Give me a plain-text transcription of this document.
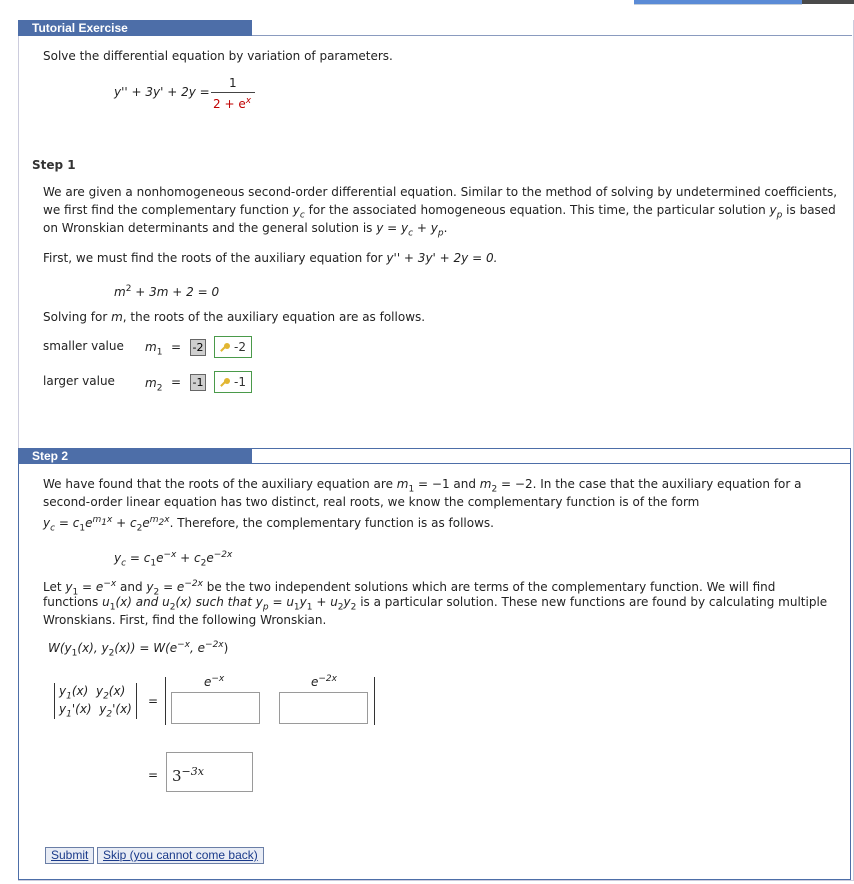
Tutorial Exercise
Solve the differential equation by variation of parameters.
y'' + 3y' + 2y =
1
$2 + e^x$
Step 1
We are given a nonhomogeneous second-order differential equation. Similar to the method of solving by undetermined coefficients,
we first find the complementary function $y_c$ for the associated homogeneous equation. This time, the particular solution $y_p$ is based
on Wronskian determinants and the general solution is $y = y_c + y_p$.
First, we must find the roots of the auxiliary equation for y'' + 3y' + 2y = 0.
$m^2 + 3m + 2 = 0$
Solving for m, the roots of the auxiliary equation are as follows.
smaller value $m_1 = -2$	-2
larger value	$m_2 = -1$	-1
Step 2
We have found that the roots of the auxiliary equation are $m_1 = -1$ and $m_2 = -2$. In the case that the auxiliary equation for a
second-order linear equation has two distinct, real roots, we know the complementary function is of the form
$y_c = c_1e^{m_1x} + c_2e^{m_2x}$. Therefore, the complementary function is as follows.
$y_c = c_1e^{-x} + c_2e^{-2x}$
Let $y_1 = e^{-x}$ and $y_2 = e^{-2x}$ be the two independent solutions which are terms of the complementary function. We will find
functions $u_1(x)$ and $u_2(x)$ such that $y_p = u_1y_1 + u_2y_2$ is a particular solution. These new functions are found by calculating multiple
Wronskians. First, find the following Wronskian.
$W(y_1(x)$, $y_2(x)) = W(e^{-x}$, $e^{-2x}$)
$y_1(x)$ $y_2(x)$
$y_1'(x)$ $y_2'(x)$
=
$e^{-x}$	$e^{-2x}$
= $3^{-3x}$
Submit	Skip (you cannot come back)
